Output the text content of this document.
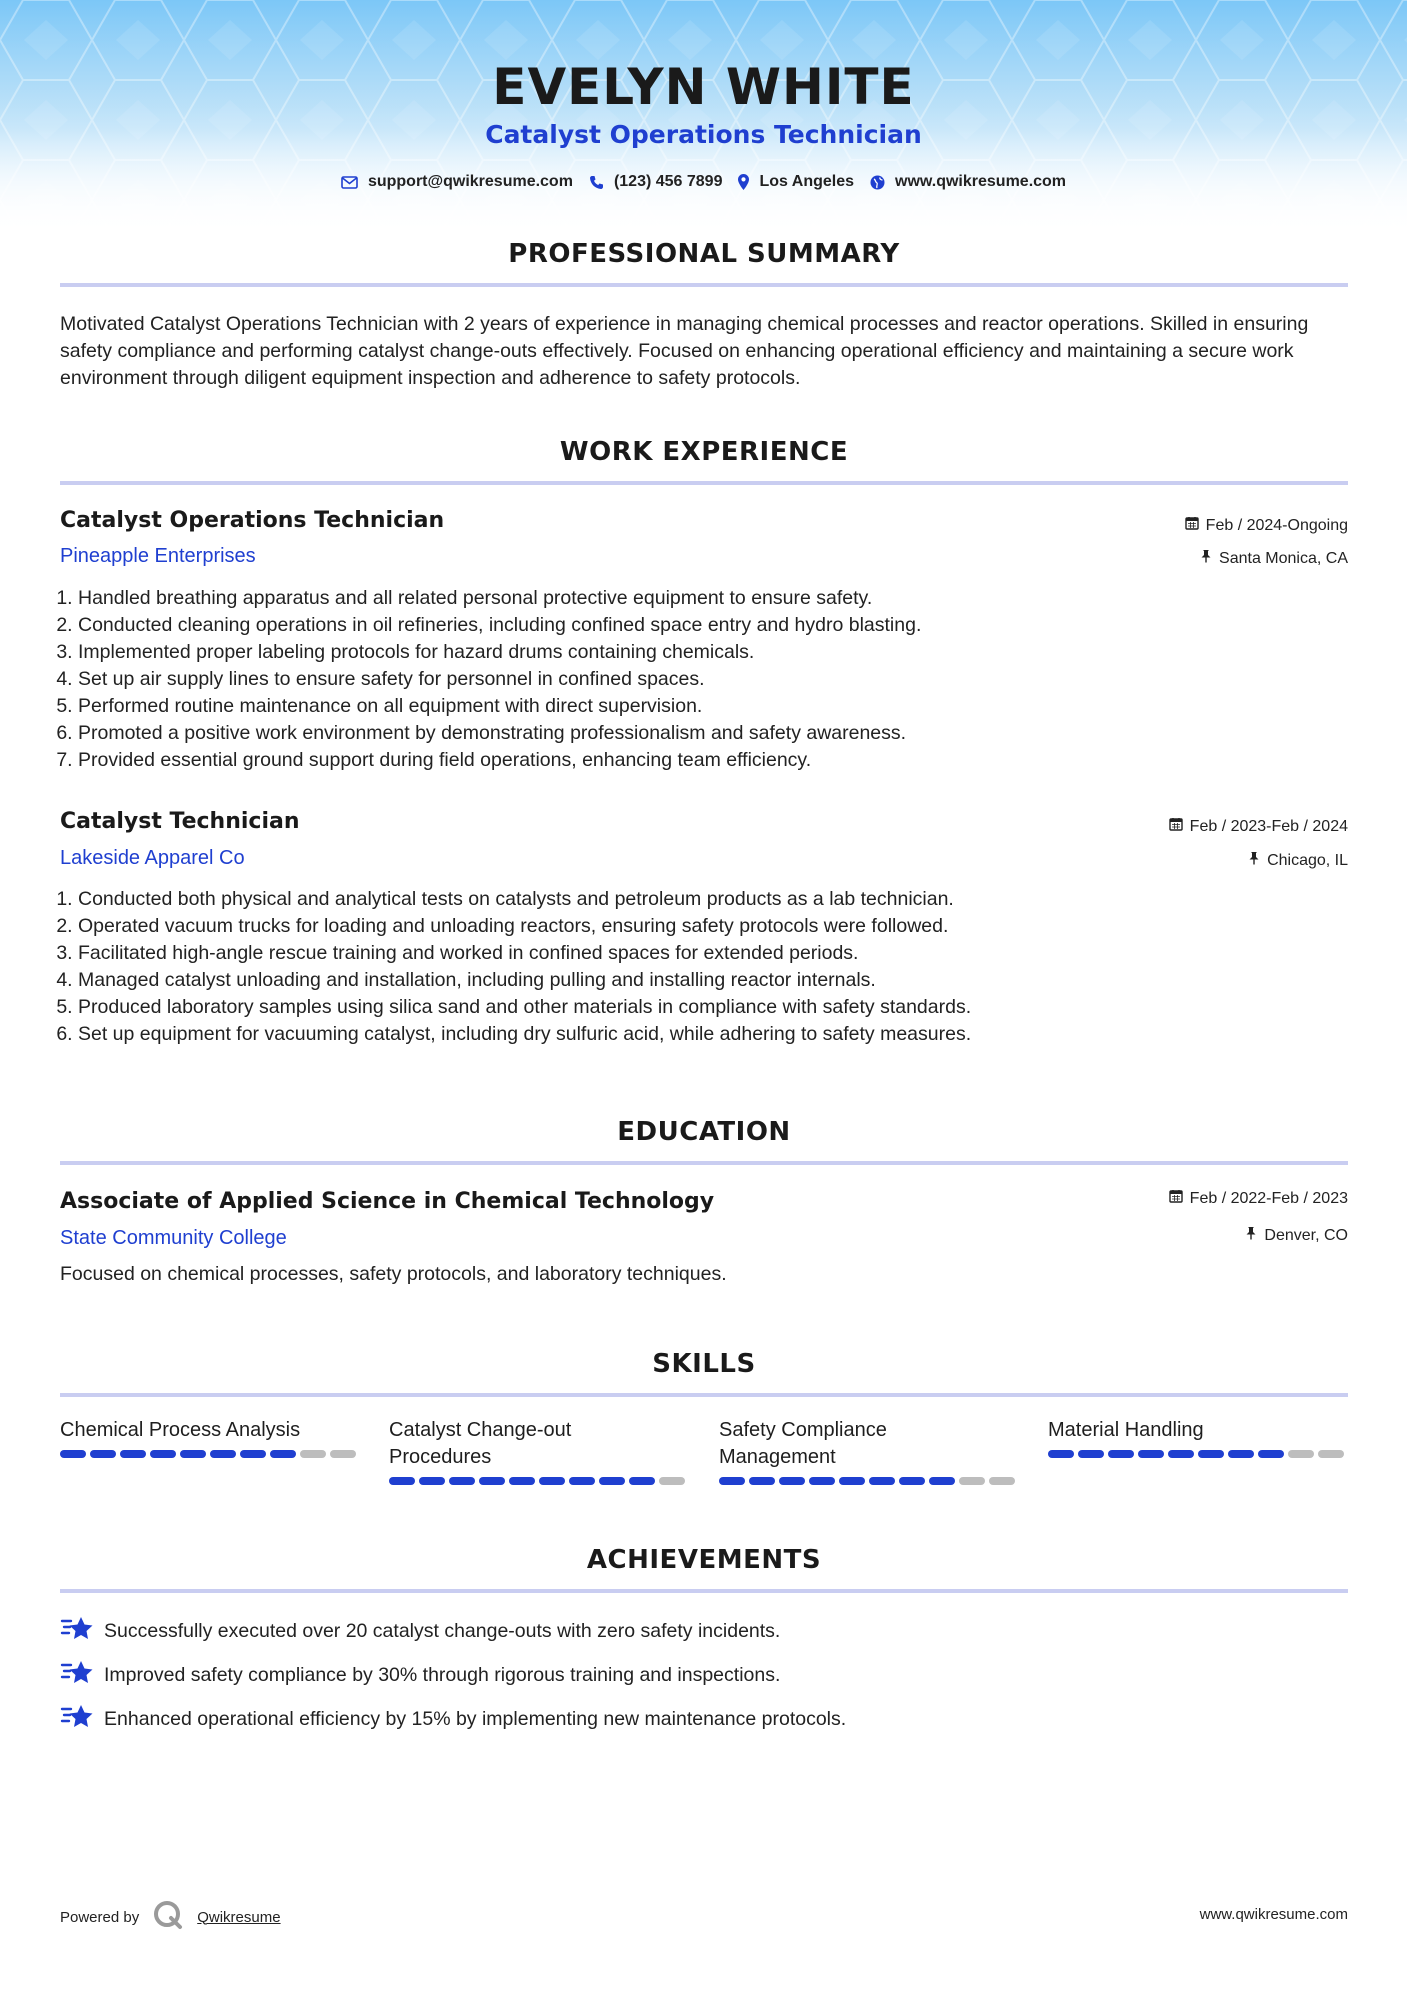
EVELYN WHITE
Catalyst Operations Technician
support@qwikresume.com	(123) 456 7899 Los Angeles	www.qwikresume.com
PROFESSIONAL SUMMARY
Motivated Catalyst Operations Technician with 2 years of experience in managing chemical processes and reactor operations. Skilled in ensuring safety compliance and performing catalyst change-outs effectively. Focused on enhancing operational efficiency and maintaining a secure work environment through diligent equipment inspection and adherence to safety protocols.
WORK EXPERIENCE
Catalyst Operations Technician
Pineapple Enterprises
Feb / 2024-Ongoing
Santa Monica, CA
1. Handled breathing apparatus and all related personal protective equipment to ensure safety.
2. Conducted cleaning operations in oil refineries, including confined space entry and hydro blasting.
3. Implemented proper labeling protocols for hazard drums containing chemicals.
4. Set up air supply lines to ensure safety for personnel in confined spaces.
5. Performed routine maintenance on all equipment with direct supervision.
6. Promoted a positive work environment by demonstrating professionalism and safety awareness.
7. Provided essential ground support during field operations, enhancing team efficiency.
Catalyst Technician
Lakeside Apparel Co
Feb / 2023-Feb / 2024
Chicago, IL
1. Conducted both physical and analytical tests on catalysts and petroleum products as a lab technician.
2. Operated vacuum trucks for loading and unloading reactors, ensuring safety protocols were followed.
3. Facilitated high-angle rescue training and worked in confined spaces for extended periods.
4. Managed catalyst unloading and installation, including pulling and installing reactor internals.
5. Produced laboratory samples using silica sand and other materials in compliance with safety standards.
6. Set up equipment for vacuuming catalyst, including dry sulfuric acid, while adhering to safety measures.
EDUCATION
Associate of Applied Science in Chemical Technology
State Community College
Feb / 2022-Feb / 2023
Denver, CO
Focused on chemical processes, safety protocols, and laboratory techniques.
SKILLS
Chemical Process Analysis	Catalyst Change-out Procedures
Safety Compliance Management
Material Handling
ACHIEVEMENTS
Successfully executed over 20 catalyst change-outs with zero safety incidents.
Improved safety compliance by 30% through rigorous training and inspections.
Enhanced operational efficiency by 15% by implementing new maintenance protocols.
Powered by	Qwikresume	www.qwikresume.com
